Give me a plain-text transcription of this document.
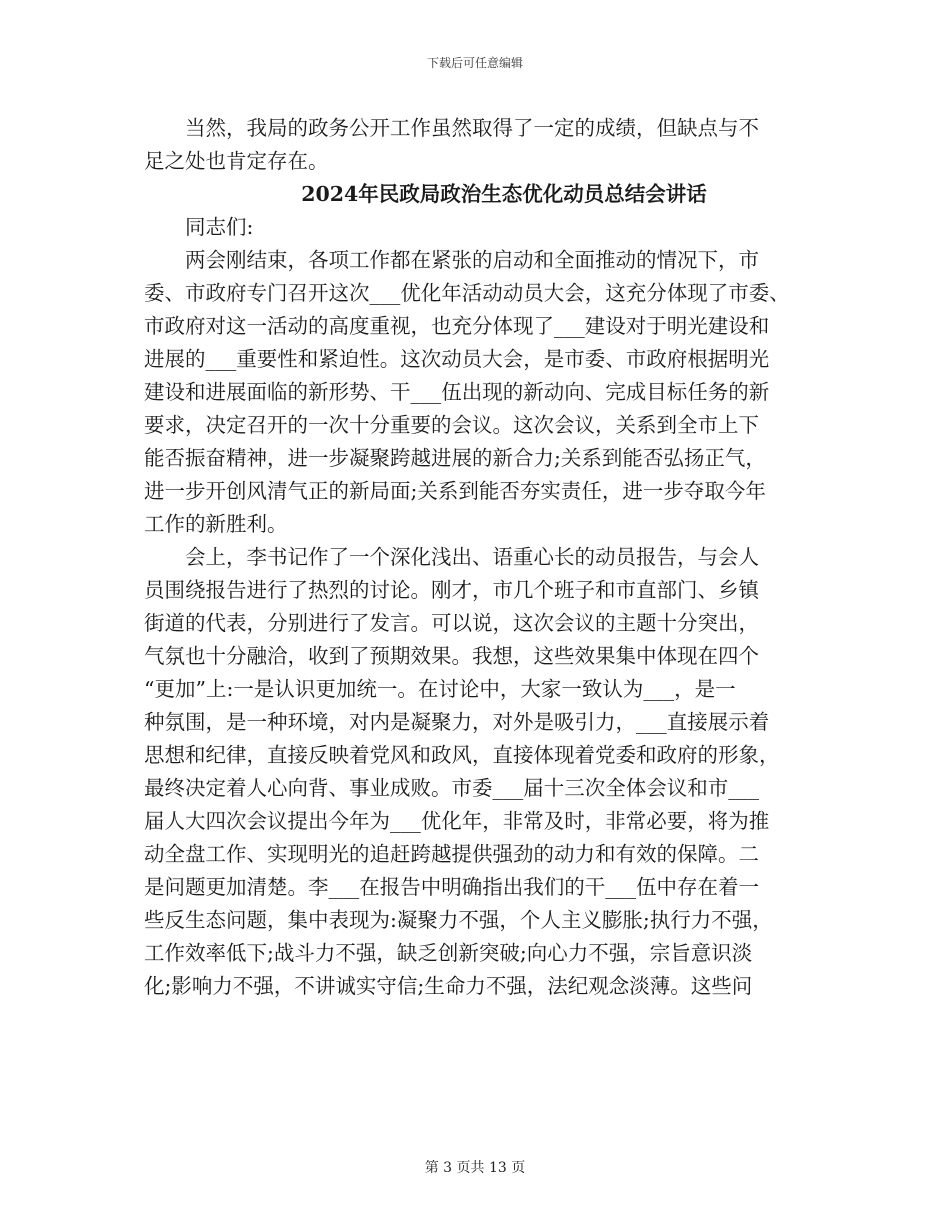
下载后可任意编辑
当然，我局的政务公开工作虽然取得了一定的成绩，但缺点与不
足之处也肯定存在。
2024年民政局政治生态优化动员总结会讲话
同志们:
两会刚结束，各项工作都在紧张的启动和全面推动的情况下，市
委、市政府专门召开这次___优化年活动动员大会，这充分体现了市委、
市政府对这一活动的高度重视，也充分体现了___建设对于明光建设和
进展的___重要性和紧迫性。这次动员大会，是市委、市政府根据明光
建设和进展面临的新形势、干___伍出现的新动向、完成目标任务的新
要求，决定召开的一次十分重要的会议。这次会议，关系到全市上下
能否振奋精神，进一步凝聚跨越进展的新合力;关系到能否弘扬正气，
进一步开创风清气正的新局面;关系到能否夯实责任，进一步夺取今年
工作的新胜利。
会上，李书记作了一个深化浅出、语重心长的动员报告，与会人
员围绕报告进行了热烈的讨论。刚才，市几个班子和市直部门、乡镇
街道的代表，分别进行了发言。可以说，这次会议的主题十分突出，
气氛也十分融洽，收到了预期效果。我想，这些效果集中体现在四个
“更加”上:一是认识更加统一。在讨论中，大家一致认为___，是一
种氛围，是一种环境，对内是凝聚力，对外是吸引力，___直接展示着
思想和纪律，直接反映着党风和政风，直接体现着党委和政府的形象，
最终决定着人心向背、事业成败。市委___届十三次全体会议和市___
届人大四次会议提出今年为___优化年，非常及时，非常必要，将为推
动全盘工作、实现明光的追赶跨越提供强劲的动力和有效的保障。二
是问题更加清楚。李___在报告中明确指出我们的干___伍中存在着一
些反生态问题，集中表现为:凝聚力不强，个人主义膨胀;执行力不强，
工作效率低下;战斗力不强，缺乏创新突破;向心力不强，宗旨意识淡
化;影响力不强，不讲诚实守信;生命力不强，法纪观念淡薄。这些问
第 3 页共 13 页
